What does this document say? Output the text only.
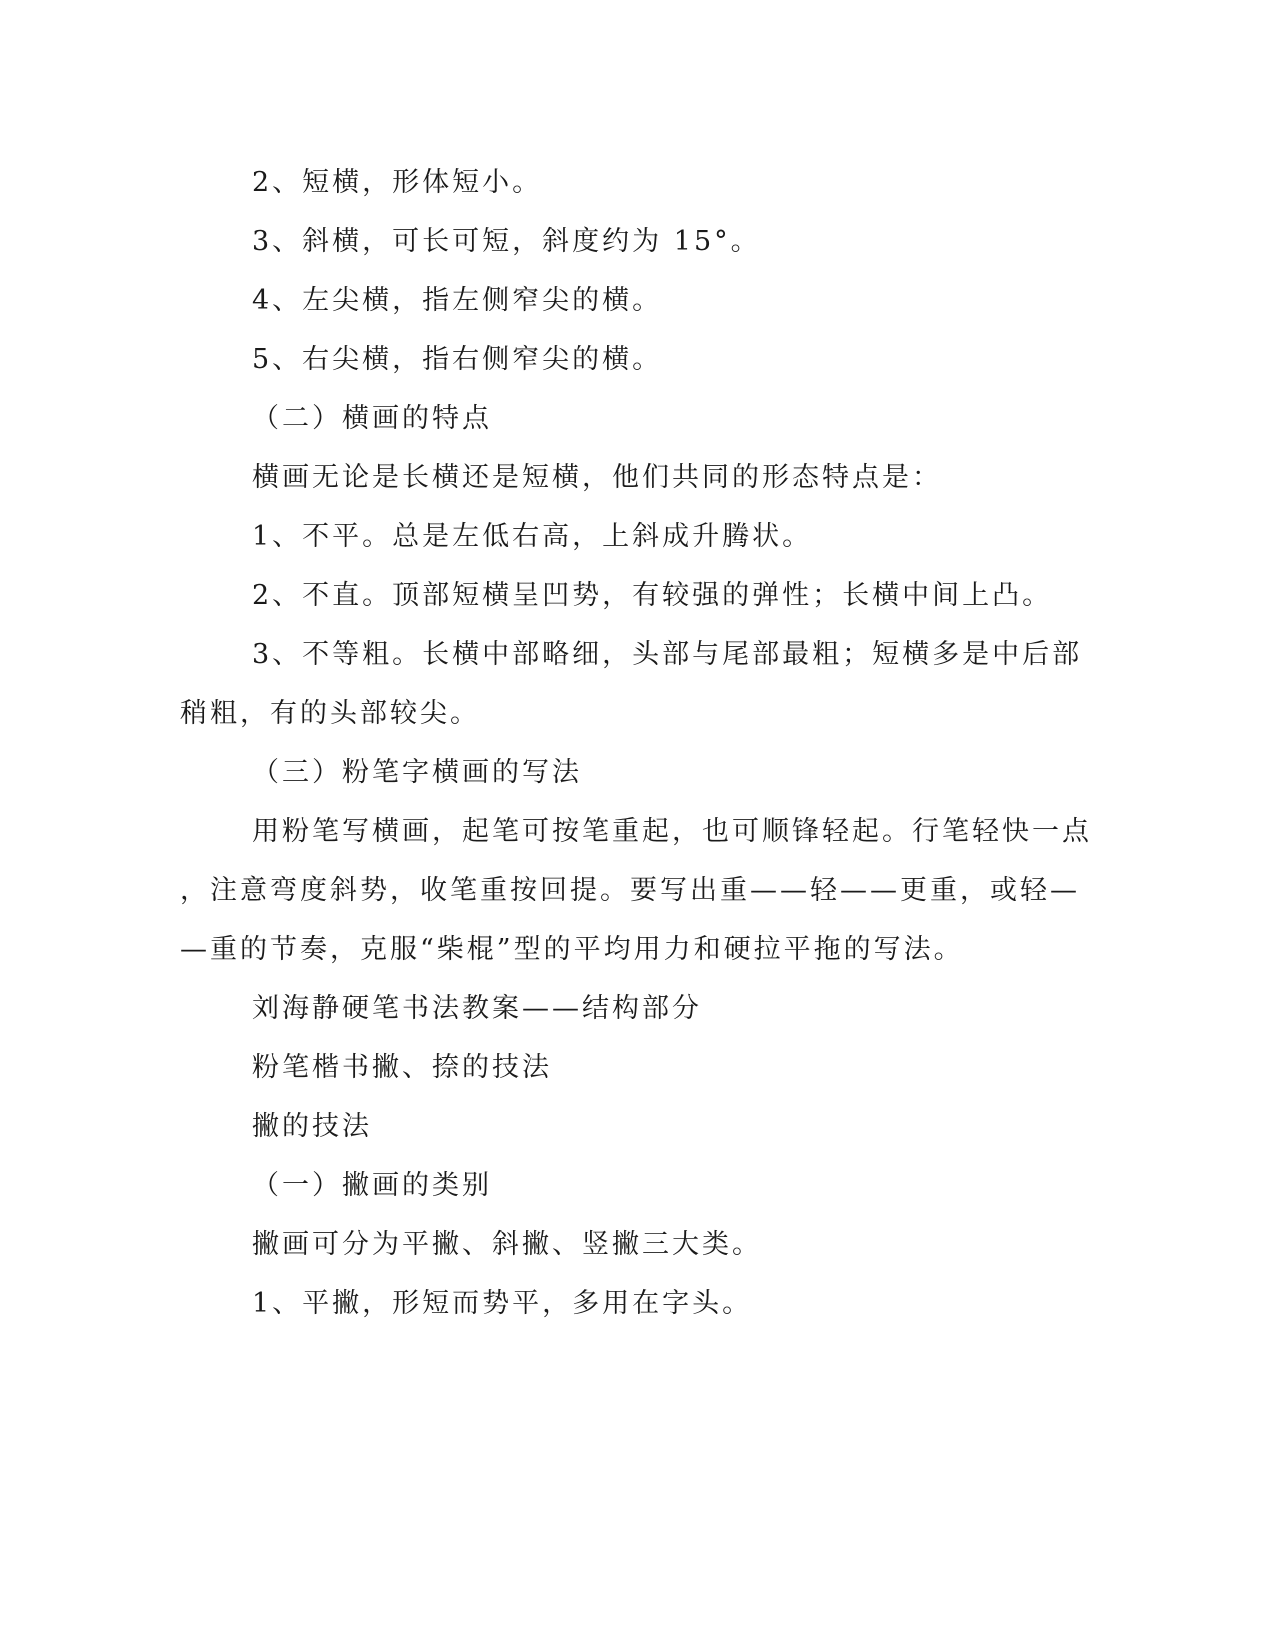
2、短横，形体短小。
3、斜横，可长可短，斜度约为 15°。
4、左尖横，指左侧窄尖的横。
5、右尖横，指右侧窄尖的横。
（二）横画的特点
横画无论是长横还是短横，他们共同的形态特点是：
1、不平。总是左低右高，上斜成升腾状。
2、不直。顶部短横呈凹势，有较强的弹性；长横中间上凸。
3、不等粗。长横中部略细，头部与尾部最粗；短横多是中后部
稍粗，有的头部较尖。
（三）粉笔字横画的写法
用粉笔写横画，起笔可按笔重起，也可顺锋轻起。行笔轻快一点
，注意弯度斜势，收笔重按回提。要写出重——轻——更重，或轻—
—重的节奏，克服“柴棍”型的平均用力和硬拉平拖的写法。
刘海静硬笔书法教案——结构部分
粉笔楷书撇、捺的技法
撇的技法
（一）撇画的类别
撇画可分为平撇、斜撇、竖撇三大类。
1、平撇，形短而势平，多用在字头。
